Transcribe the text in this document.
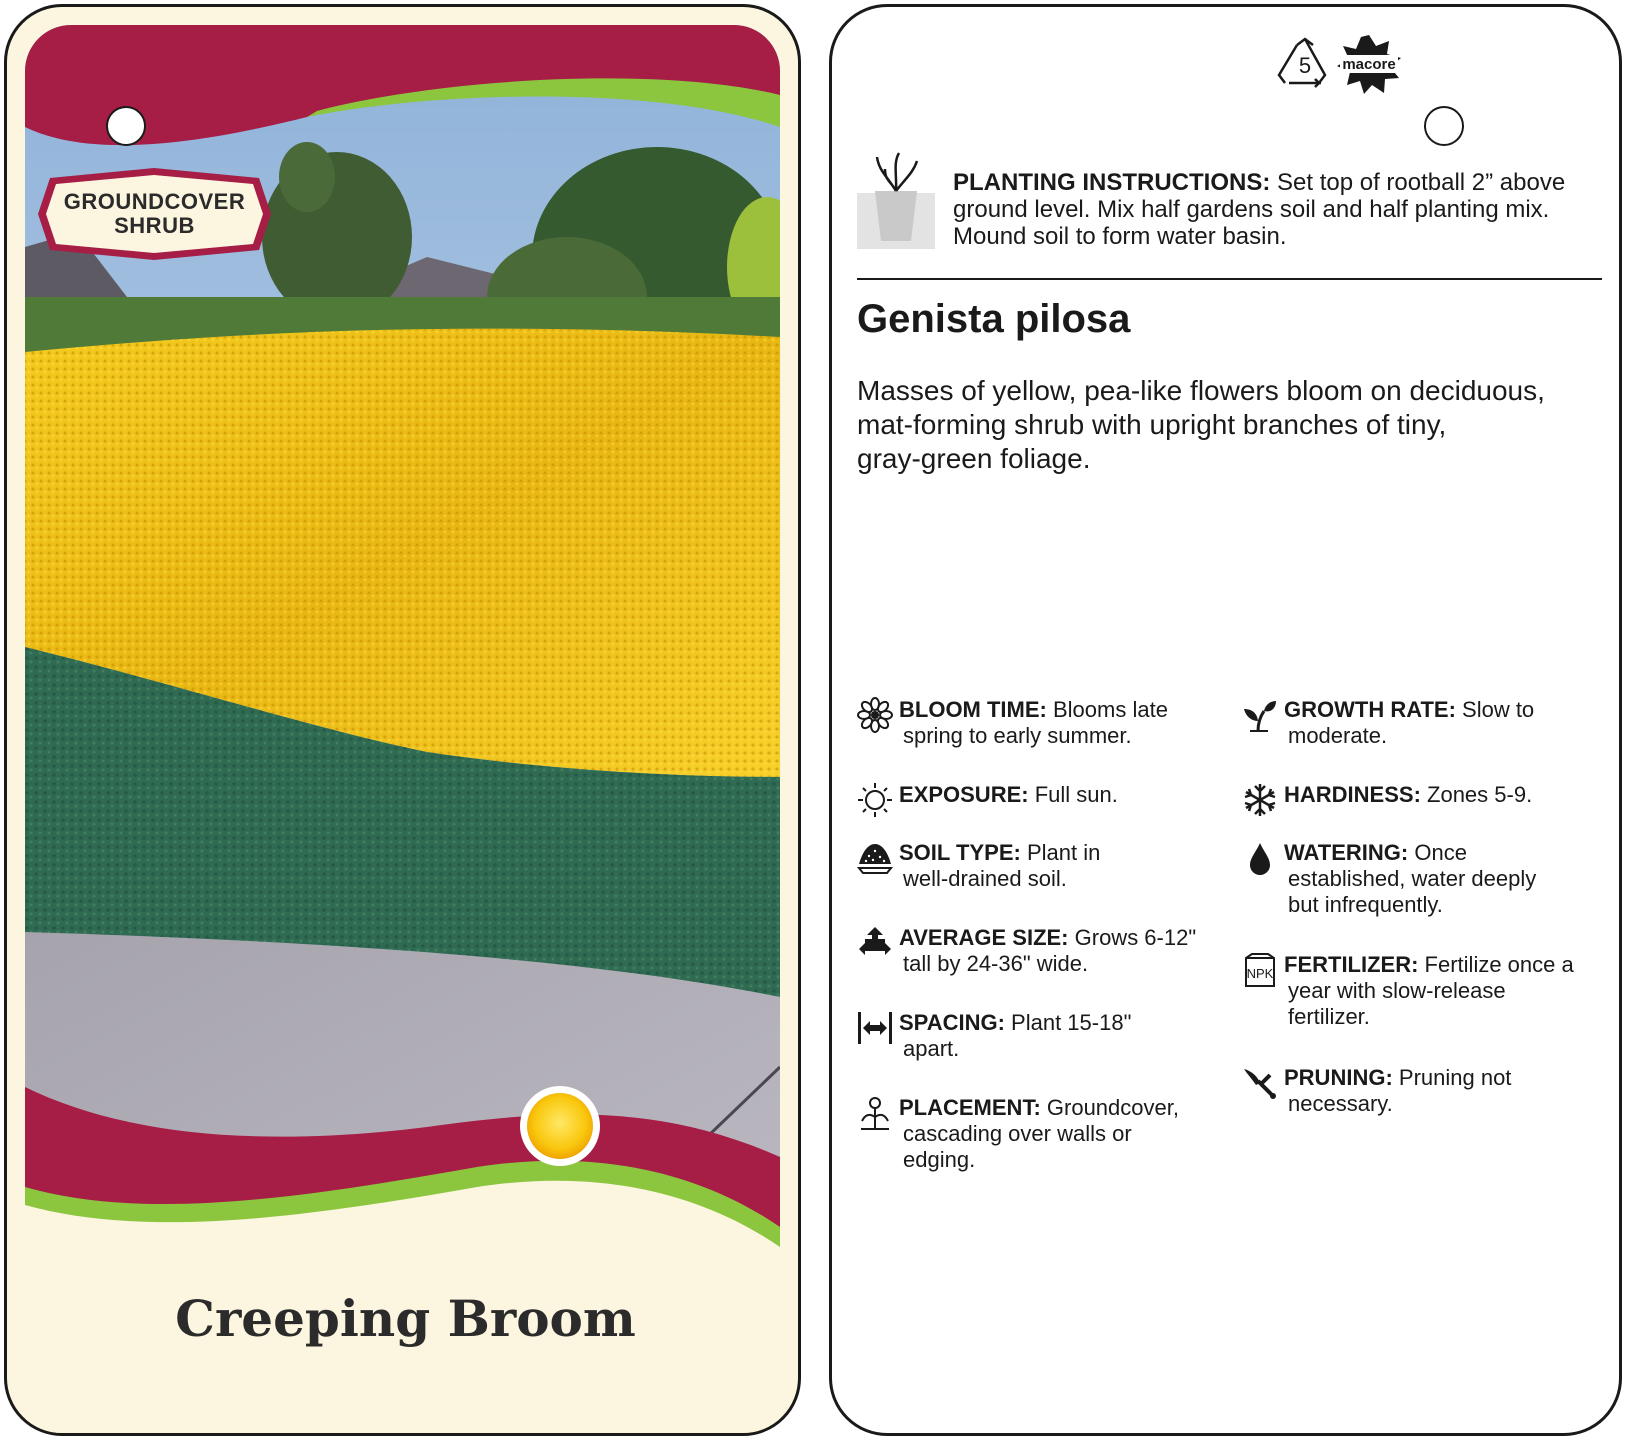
GROUNDCOVER
SHRUB
Creeping Broom
5 macore
PLANTING INSTRUCTIONS: Set top of rootball 2” above
ground level. Mix half gardens soil and half planting mix.
Mound soil to form water basin.
Genista pilosa
Masses of yellow, pea-like flowers bloom on deciduous,
mat-forming shrub with upright branches of tiny,
gray-green foliage.
BLOOM TIME: Blooms late
spring to early summer.
EXPOSURE: Full sun.
SOIL TYPE: Plant in
well-drained soil.
AVERAGE SIZE: Grows 6-12"
tall by 24-36" wide.
SPACING: Plant 15-18"
apart.
PLACEMENT: Groundcover,
cascading over walls or
edging.
GROWTH RATE: Slow to
moderate.
HARDINESS: Zones 5-9.
WATERING: Once
established, water deeply
but infrequently.
NPK FERTILIZER: Fertilize once a
year with slow-release
fertilizer.
PRUNING: Pruning not
necessary.
